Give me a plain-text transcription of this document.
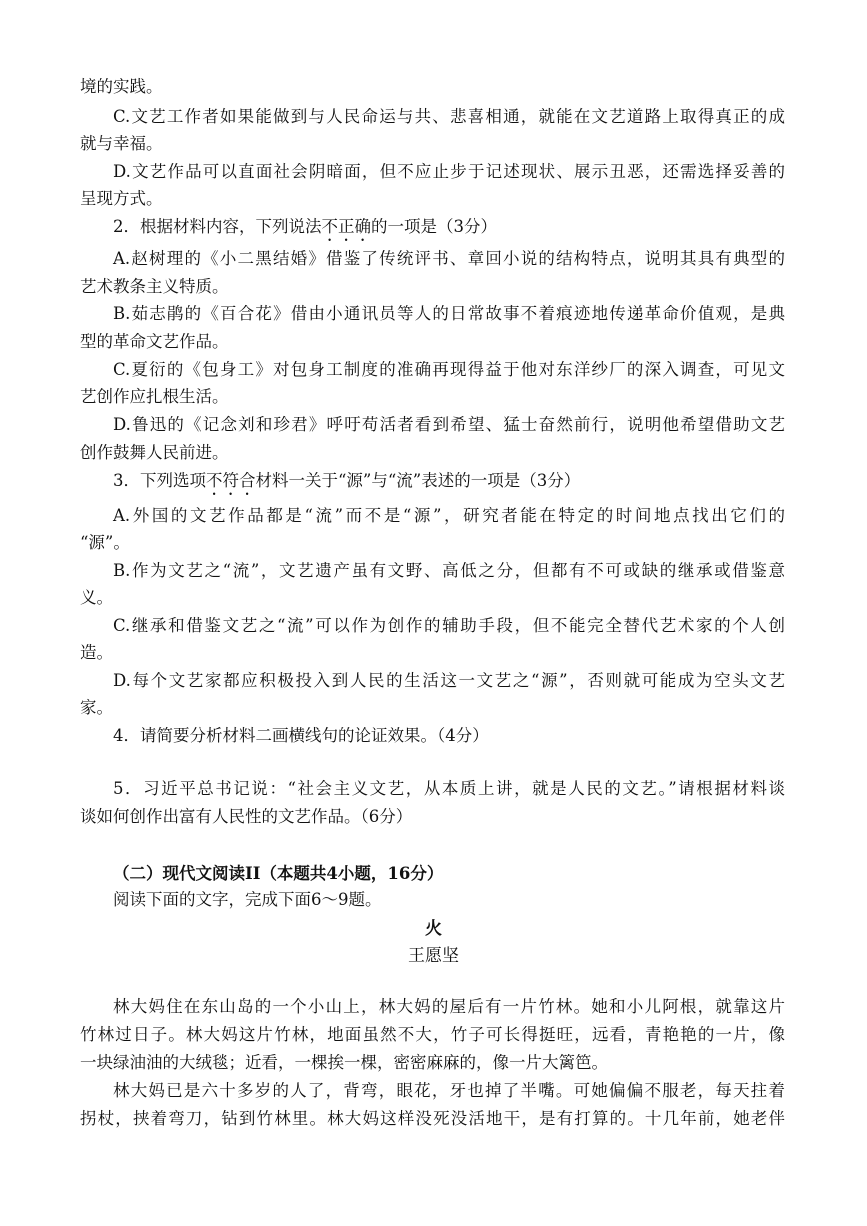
境的实践。
C.文艺工作者如果能做到与人民命运与共、悲喜相通，就能在文艺道路上取得真正的成
就与幸福。
D.文艺作品可以直面社会阴暗面，但不应止步于记述现状、展示丑恶，还需选择妥善的
呈现方式。
2．根据材料内容，下列说法不正确的一项是（3分）
A.赵树理的《小二黑结婚》借鉴了传统评书、章回小说的结构特点，说明其具有典型的
艺术教条主义特质。
B.茹志鹃的《百合花》借由小通讯员等人的日常故事不着痕迹地传递革命价值观，是典
型的革命文艺作品。
C.夏衍的《包身工》对包身工制度的准确再现得益于他对东洋纱厂的深入调查，可见文
艺创作应扎根生活。
D.鲁迅的《记念刘和珍君》呼吁苟活者看到希望、猛士奋然前行，说明他希望借助文艺
创作鼓舞人民前进。
3．下列选项不符合材料一关于“源”与“流”表述的一项是（3分）
A.外国的文艺作品都是“流”而不是“源”，研究者能在特定的时间地点找出它们的
“源”。
B.作为文艺之“流”，文艺遗产虽有文野、高低之分，但都有不可或缺的继承或借鉴意
义。
C.继承和借鉴文艺之“流”可以作为创作的辅助手段，但不能完全替代艺术家的个人创
造。
D.每个文艺家都应积极投入到人民的生活这一文艺之“源”，否则就可能成为空头文艺
家。
4．请简要分析材料二画横线句的论证效果。（4分）
5．习近平总书记说：“社会主义文艺，从本质上讲，就是人民的文艺。”请根据材料谈
谈如何创作出富有人民性的文艺作品。（6分）
（二）现代文阅读II（本题共4小题，16分）
阅读下面的文字，完成下面6～9题。
火
王愿坚
林大妈住在东山岛的一个小山上，林大妈的屋后有一片竹林。她和小儿阿根，就靠这片
竹林过日子。林大妈这片竹林，地面虽然不大，竹子可长得挺旺，远看，青艳艳的一片，像
一块绿油油的大绒毯；近看，一棵挨一棵，密密麻麻的，像一片大篱笆。
林大妈已是六十多岁的人了，背弯，眼花，牙也掉了半嘴。可她偏偏不服老，每天拄着
拐杖，挟着弯刀，钻到竹林里。林大妈这样没死没活地干，是有打算的。十几年前，她老伴
